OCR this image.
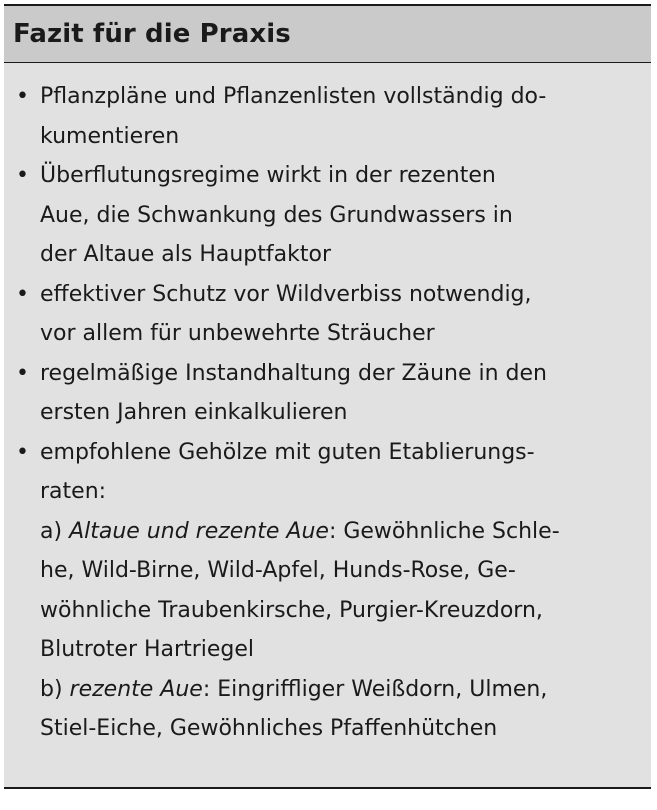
Fazit für die Praxis
• Pflanzpläne und Pflanzenlisten vollständig do-
kumentieren
• Überflutungsregime wirkt in der rezenten
Aue, die Schwankung des Grundwassers in
der Altaue als Hauptfaktor
• effektiver Schutz vor Wildverbiss notwendig,
vor allem für unbewehrte Sträucher
• regelmäßige Instandhaltung der Zäune in den
ersten Jahren einkalkulieren
• empfohlene Gehölze mit guten Etablierungs-
raten:
a) Altaue und rezente Aue: Gewöhnliche Schle-
he, Wild-Birne, Wild-Apfel, Hunds-Rose, Ge-
wöhnliche Traubenkirsche, Purgier-Kreuzdorn,
Blutroter Hartriegel
b) rezente Aue: Eingriffliger Weißdorn, Ulmen,
Stiel-Eiche, Gewöhnliches Pfaffenhütchen
